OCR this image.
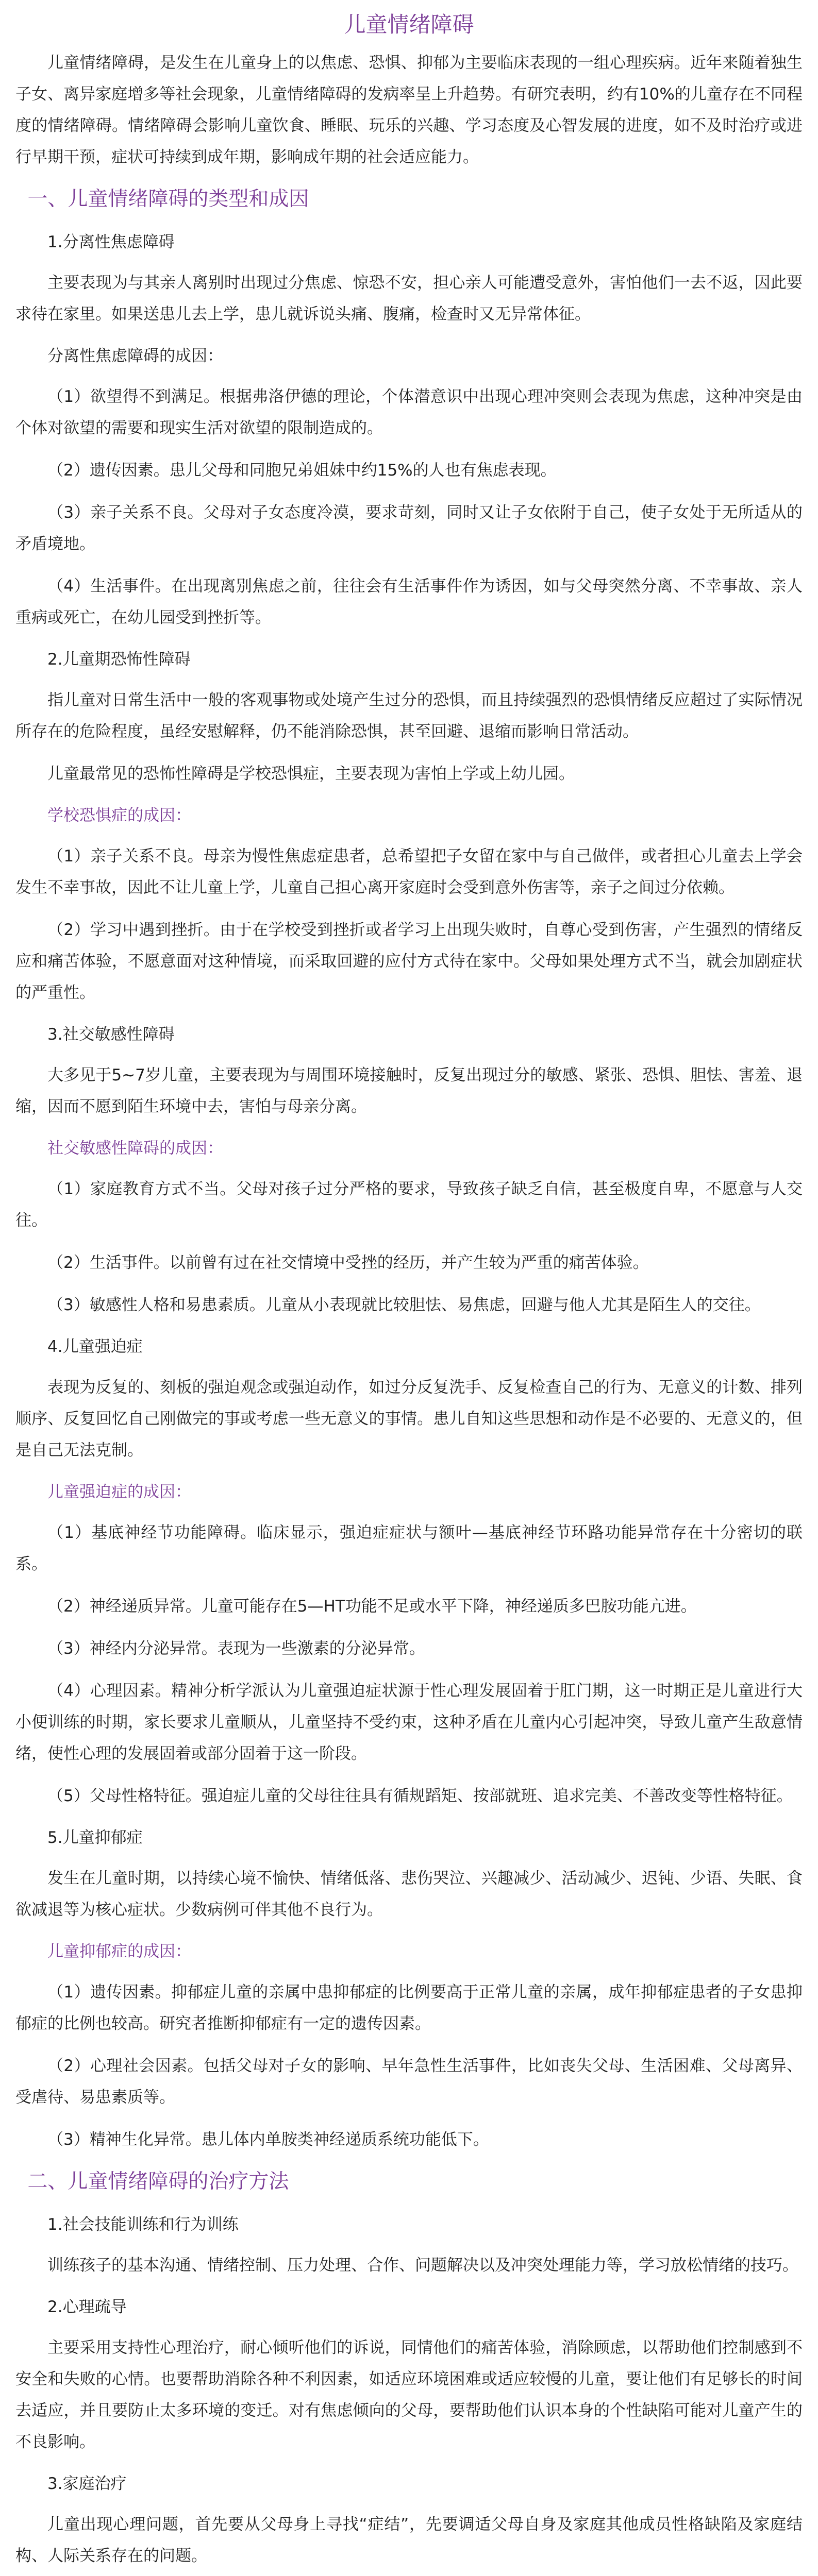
儿童情绪障碍

儿童情绪障碍，是发生在儿童身上的以焦虑、恐惧、抑郁为主要临床表现的一组心理疾病。近年来随着独生子女、离异家庭增多等社会现象，儿童情绪障碍的发病率呈上升趋势。有研究表明，约有10%的儿童存在不同程度的情绪障碍。情绪障碍会影响儿童饮食、睡眠、玩乐的兴趣、学习态度及心智发展的进度，如不及时治疗或进行早期干预，症状可持续到成年期，影响成年期的社会适应能力。

一、儿童情绪障碍的类型和成因
1.分离性焦虑障碍

主要表现为与其亲人离别时出现过分焦虑、惊恐不安，担心亲人可能遭受意外，害怕他们一去不返，因此要求待在家里。如果送患儿去上学，患儿就诉说头痛、腹痛，检查时又无异常体征。

分离性焦虑障碍的成因：

（1）欲望得不到满足。根据弗洛伊德的理论，个体潜意识中出现心理冲突则会表现为焦虑，这种冲突是由个体对欲望的需要和现实生活对欲望的限制造成的。

（2）遗传因素。患儿父母和同胞兄弟姐妹中约15%的人也有焦虑表现。

（3）亲子关系不良。父母对子女态度冷漠，要求苛刻，同时又让子女依附于自己，使子女处于无所适从的矛盾境地。

（4）生活事件。在出现离别焦虑之前，往往会有生活事件作为诱因，如与父母突然分离、不幸事故、亲人重病或死亡，在幼儿园受到挫折等。

2.儿童期恐怖性障碍

指儿童对日常生活中一般的客观事物或处境产生过分的恐惧，而且持续强烈的恐惧情绪反应超过了实际情况所存在的危险程度，虽经安慰解释，仍不能消除恐惧，甚至回避、退缩而影响日常活动。

儿童最常见的恐怖性障碍是学校恐惧症，主要表现为害怕上学或上幼儿园。

学校恐惧症的成因：

（1）亲子关系不良。母亲为慢性焦虑症患者，总希望把子女留在家中与自己做伴，或者担心儿童去上学会发生不幸事故，因此不让儿童上学，儿童自己担心离开家庭时会受到意外伤害等，亲子之间过分依赖。

（2）学习中遇到挫折。由于在学校受到挫折或者学习上出现失败时，自尊心受到伤害，产生强烈的情绪反应和痛苦体验，不愿意面对这种情境，而采取回避的应付方式待在家中。父母如果处理方式不当，就会加剧症状的严重性。

3.社交敏感性障碍

大多见于5~7岁儿童，主要表现为与周围环境接触时，反复出现过分的敏感、紧张、恐惧、胆怯、害羞、退缩，因而不愿到陌生环境中去，害怕与母亲分离。

社交敏感性障碍的成因：

（1）家庭教育方式不当。父母对孩子过分严格的要求，导致孩子缺乏自信，甚至极度自卑，不愿意与人交往。

（2）生活事件。以前曾有过在社交情境中受挫的经历，并产生较为严重的痛苦体验。

（3）敏感性人格和易患素质。儿童从小表现就比较胆怯、易焦虑，回避与他人尤其是陌生人的交往。

4.儿童强迫症

表现为反复的、刻板的强迫观念或强迫动作，如过分反复洗手、反复检查自己的行为、无意义的计数、排列顺序、反复回忆自己刚做完的事或考虑一些无意义的事情。患儿自知这些思想和动作是不必要的、无意义的，但是自己无法克制。

儿童强迫症的成因：

（1）基底神经节功能障碍。临床显示，强迫症症状与额叶—基底神经节环路功能异常存在十分密切的联系。

（2）神经递质异常。儿童可能存在5—HT功能不足或水平下降，神经递质多巴胺功能亢进。

（3）神经内分泌异常。表现为一些激素的分泌异常。

（4）心理因素。精神分析学派认为儿童强迫症状源于性心理发展固着于肛门期，这一时期正是儿童进行大小便训练的时期，家长要求儿童顺从，儿童坚持不受约束，这种矛盾在儿童内心引起冲突，导致儿童产生敌意情绪，使性心理的发展固着或部分固着于这一阶段。

（5）父母性格特征。强迫症儿童的父母往往具有循规蹈矩、按部就班、追求完美、不善改变等性格特征。

5.儿童抑郁症

发生在儿童时期，以持续心境不愉快、情绪低落、悲伤哭泣、兴趣减少、活动减少、迟钝、少语、失眠、食欲减退等为核心症状。少数病例可伴其他不良行为。

儿童抑郁症的成因：

（1）遗传因素。抑郁症儿童的亲属中患抑郁症的比例要高于正常儿童的亲属，成年抑郁症患者的子女患抑郁症的比例也较高。研究者推断抑郁症有一定的遗传因素。

（2）心理社会因素。包括父母对子女的影响、早年急性生活事件，比如丧失父母、生活困难、父母离异、受虐待、易患素质等。

（3）精神生化异常。患儿体内单胺类神经递质系统功能低下。

二、儿童情绪障碍的治疗方法
1.社会技能训练和行为训练

训练孩子的基本沟通、情绪控制、压力处理、合作、问题解决以及冲突处理能力等，学习放松情绪的技巧。

2.心理疏导

主要采用支持性心理治疗，耐心倾听他们的诉说，同情他们的痛苦体验，消除顾虑，以帮助他们控制感到不安全和失败的心情。也要帮助消除各种不利因素，如适应环境困难或适应较慢的儿童，要让他们有足够长的时间去适应，并且要防止太多环境的变迁。对有焦虑倾向的父母，要帮助他们认识本身的个性缺陷可能对儿童产生的不良影响。

3.家庭治疗

儿童出现心理问题，首先要从父母身上寻找“症结”，先要调适父母自身及家庭其他成员性格缺陷及家庭结构、人际关系存在的问题。
